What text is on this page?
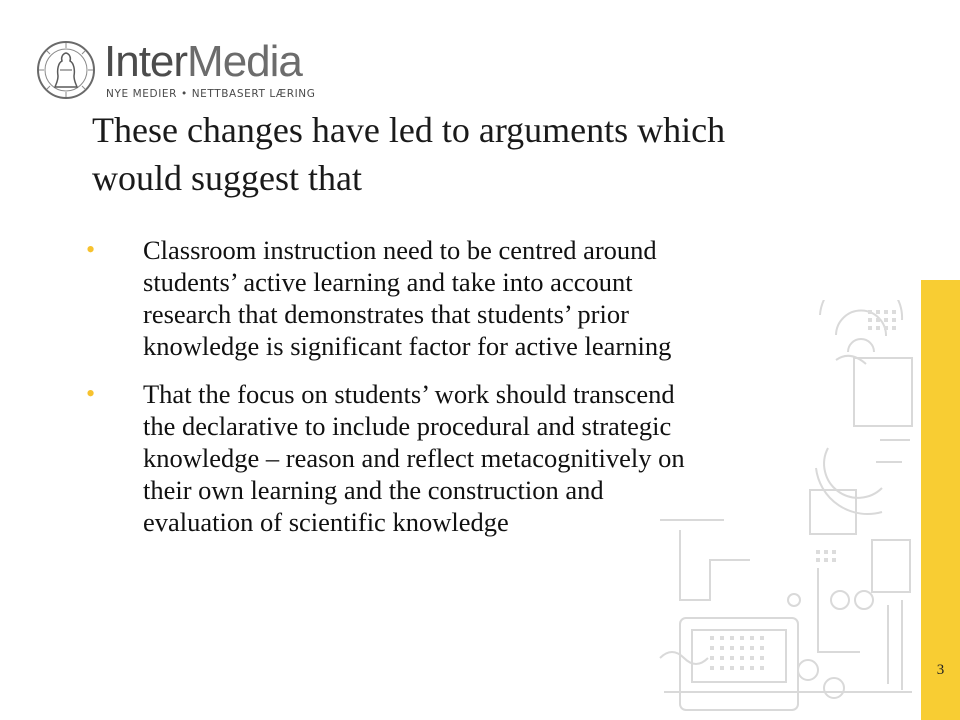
InterMedia
NYE MEDIER • NETTBASERT LÆRING
These changes have led to arguments which
would suggest that
• Classroom instruction need to be centred around
students’ active learning and take into account
research that demonstrates that students’ prior
knowledge is significant factor for active learning
• That the focus on students’ work should transcend
the declarative to include procedural and strategic
knowledge – reason and reflect metacognitively on
their own learning and the construction and
evaluation of scientific knowledge
3
